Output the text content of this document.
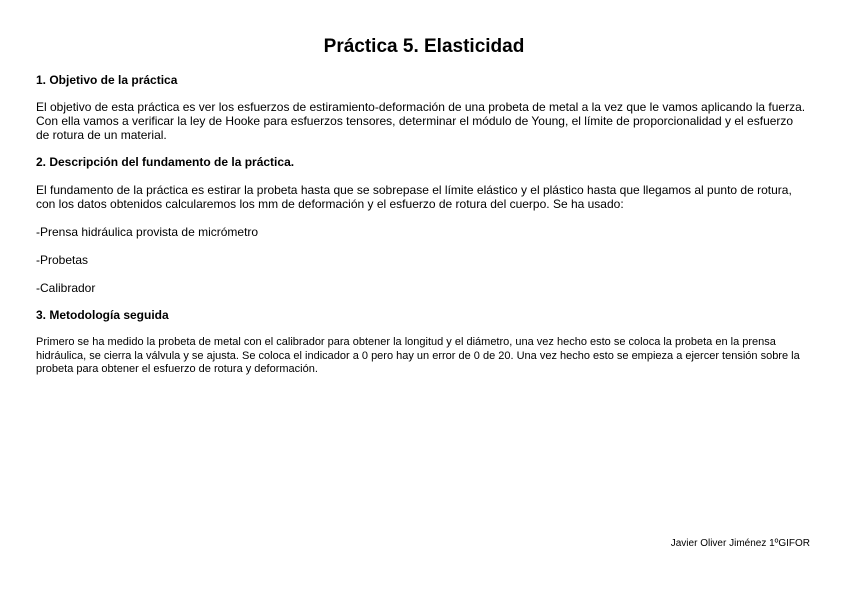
Práctica 5. Elasticidad
1. Objetivo de la práctica
El objetivo de esta práctica es ver los esfuerzos de estiramiento-deformación de una probeta de metal a la vez que le vamos aplicando la fuerza.
Con ella vamos a verificar la ley de Hooke para esfuerzos tensores, determinar el módulo de Young, el límite de proporcionalidad y el esfuerzo
de rotura de un material.
2. Descripción del fundamento de la práctica.
El fundamento de la práctica es estirar la probeta hasta que se sobrepase el límite elástico y el plástico hasta que llegamos al punto de rotura,
con los datos obtenidos calcularemos los mm de deformación y el esfuerzo de rotura del cuerpo. Se ha usado:
-Prensa hidráulica provista de micrómetro
-Probetas
-Calibrador
3. Metodología seguida
Primero se ha medido la probeta de metal con el calibrador para obtener la longitud y el diámetro, una vez hecho esto se coloca la probeta en la prensa
hidráulica, se cierra la válvula y se ajusta. Se coloca el indicador a 0 pero hay un error de 0 de 20. Una vez hecho esto se empieza a ejercer tensión sobre la
probeta para obtener el esfuerzo de rotura y deformación.
Javier Oliver Jiménez 1ºGIFOR
